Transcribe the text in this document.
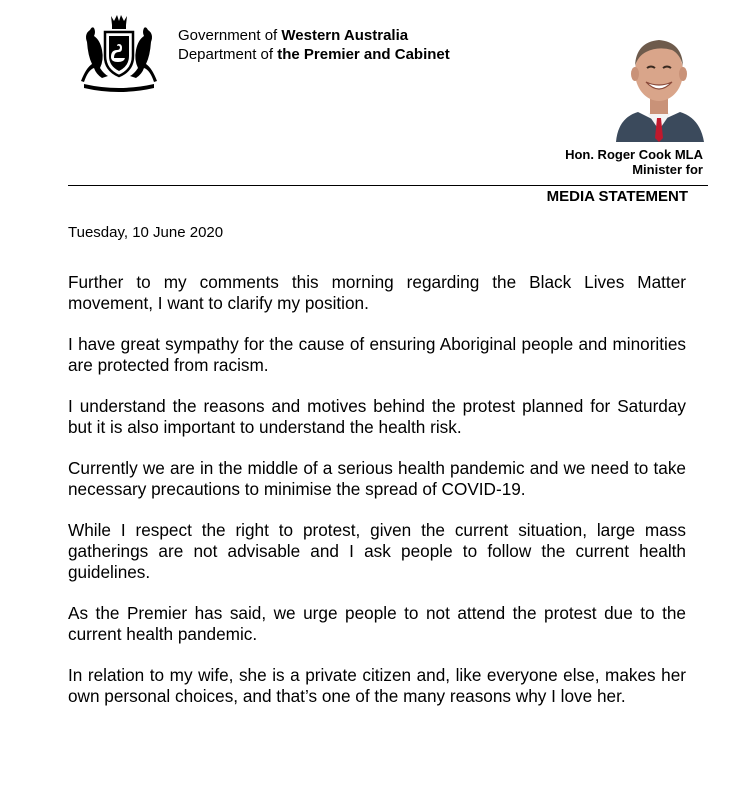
Government of Western Australia
Department of the Premier and Cabinet
Hon. Roger Cook MLA
Minister for
MEDIA STATEMENT
Tuesday, 10 June 2020

Further to my comments this morning regarding the Black Lives Matter movement, I want to clarify my position.

I have great sympathy for the cause of ensuring Aboriginal people and minorities are protected from racism.

I understand the reasons and motives behind the protest planned for Saturday but it is also important to understand the health risk.

Currently we are in the middle of a serious health pandemic and we need to take necessary precautions to minimise the spread of COVID-19.

While I respect the right to protest, given the current situation, large mass gatherings are not advisable and I ask people to follow the current health guidelines.

As the Premier has said, we urge people to not attend the protest due to the current health pandemic.

In relation to my wife, she is a private citizen and, like everyone else, makes her own personal choices, and that’s one of the many reasons why I love her.
